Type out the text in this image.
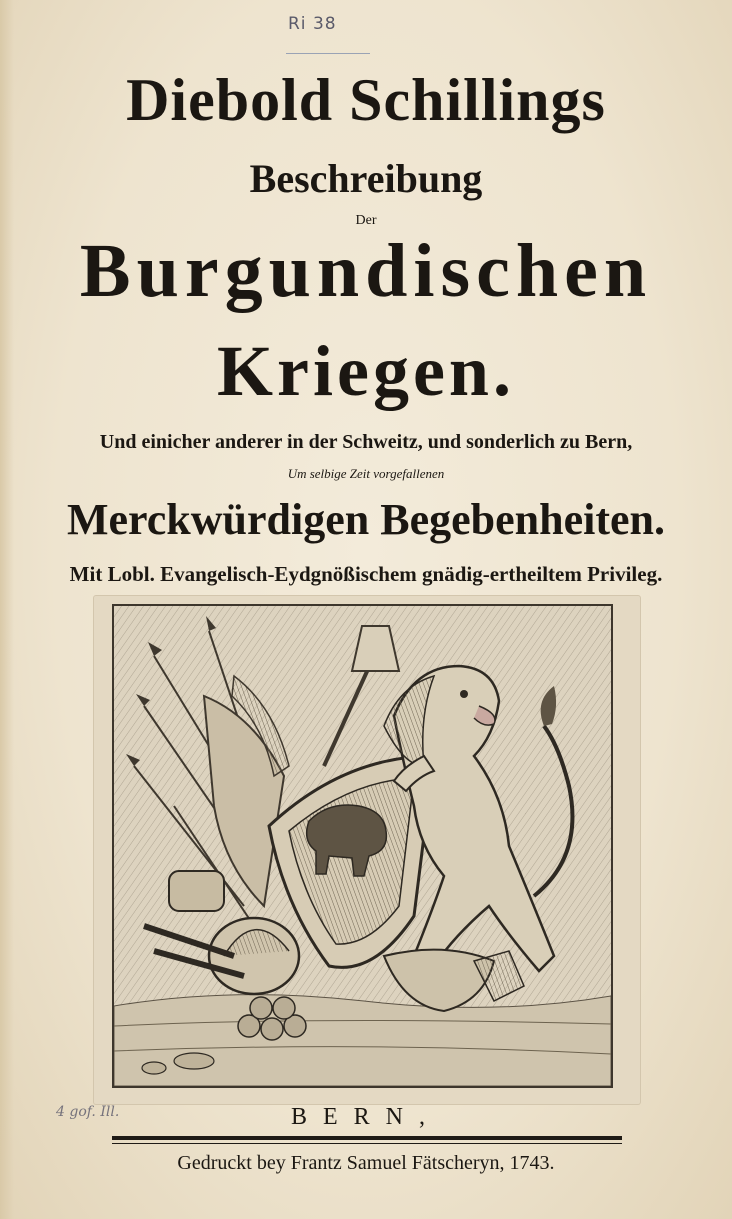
Ri 38
Diebold Schillings
Beschreibung
Der
Burgundischen
Kriegen.
Und einicher anderer in der Schweitz, und sonderlich zu Bern,
Um selbige Zeit vorgefallenen
Merckwürdigen Begebenheiten.
Mit Lobl. Evangelisch-Eydgnößischem gnädig-ertheiltem Privileg.
4 gof. Ill.	BERN,
Gedruckt bey Frantz Samuel Fätscheryn, 1743.
